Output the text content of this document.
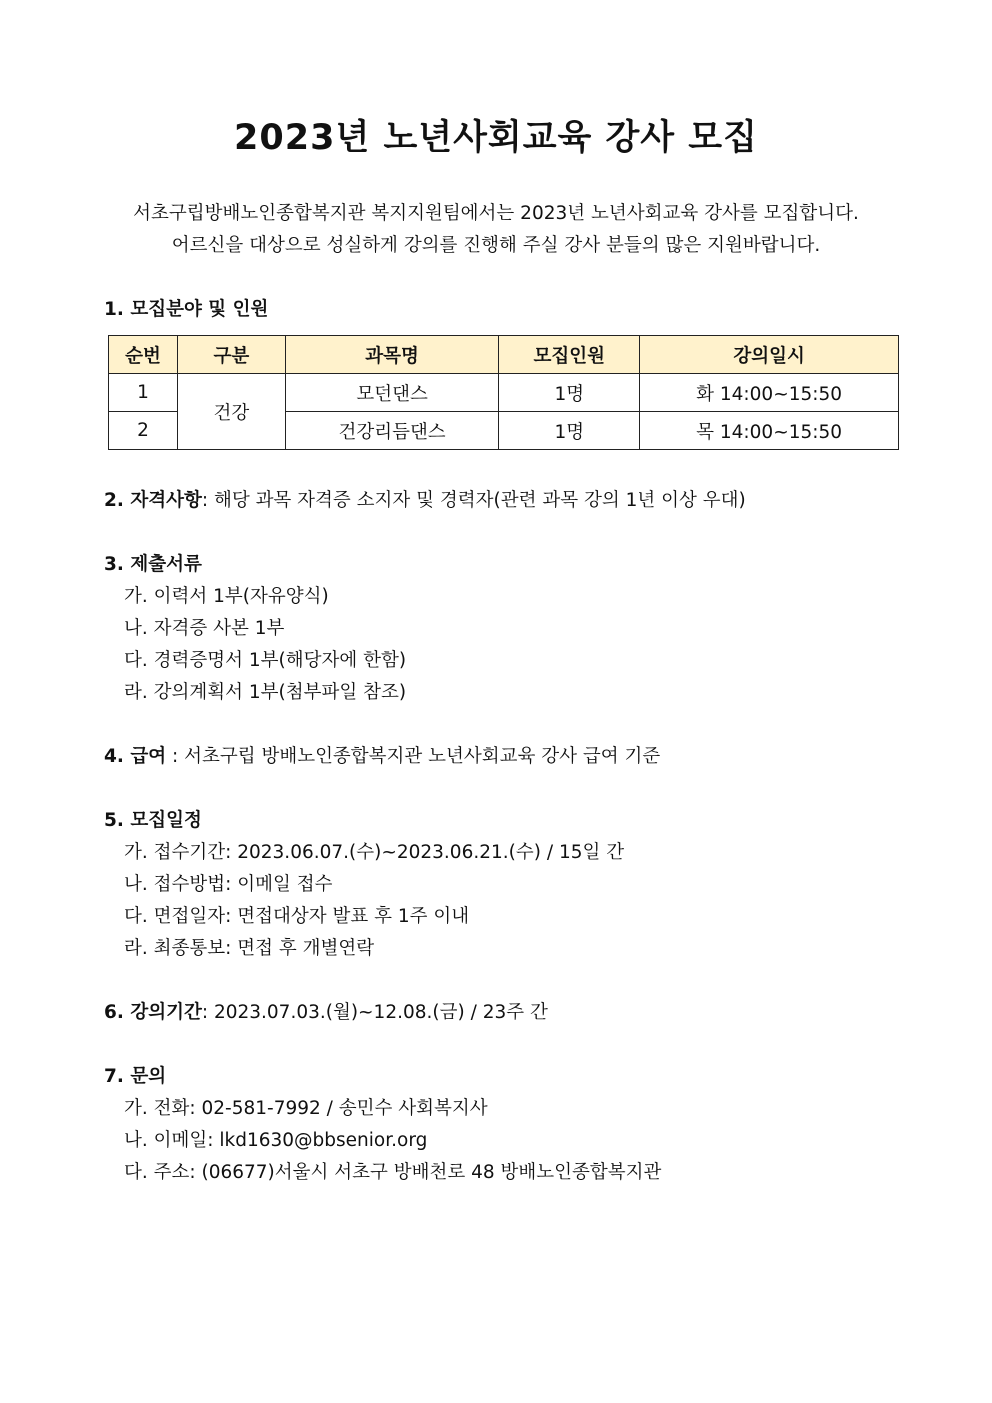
2023년 노년사회교육 강사 모집
서초구립방배노인종합복지관 복지지원팀에서는 2023년 노년사회교육 강사를 모집합니다.
어르신을 대상으로 성실하게 강의를 진행해 주실 강사 분들의 많은 지원바랍니다.
1. 모집분야 및 인원
순번	구분	과목명	모집인원	강의일시
1	건강	모던댄스	1명	화 14:00~15:50
2		건강리듬댄스	1명	목 14:00~15:50
2. 자격사항: 해당 과목 자격증 소지자 및 경력자(관련 과목 강의 1년 이상 우대)
3. 제출서류
가. 이력서 1부(자유양식)
나. 자격증 사본 1부
다. 경력증명서 1부(해당자에 한함)
라. 강의계획서 1부(첨부파일 참조)
4. 급여 : 서초구립 방배노인종합복지관 노년사회교육 강사 급여 기준
5. 모집일정
가. 접수기간: 2023.06.07.(수)~2023.06.21.(수) / 15일 간
나. 접수방법: 이메일 접수
다. 면접일자: 면접대상자 발표 후 1주 이내
라. 최종통보: 면접 후 개별연락
6. 강의기간: 2023.07.03.(월)~12.08.(금) / 23주 간
7. 문의
가. 전화: 02-581-7992 / 송민수 사회복지사
나. 이메일: lkd1630@bbsenior.org
다. 주소: (06677)서울시 서초구 방배천로 48 방배노인종합복지관
